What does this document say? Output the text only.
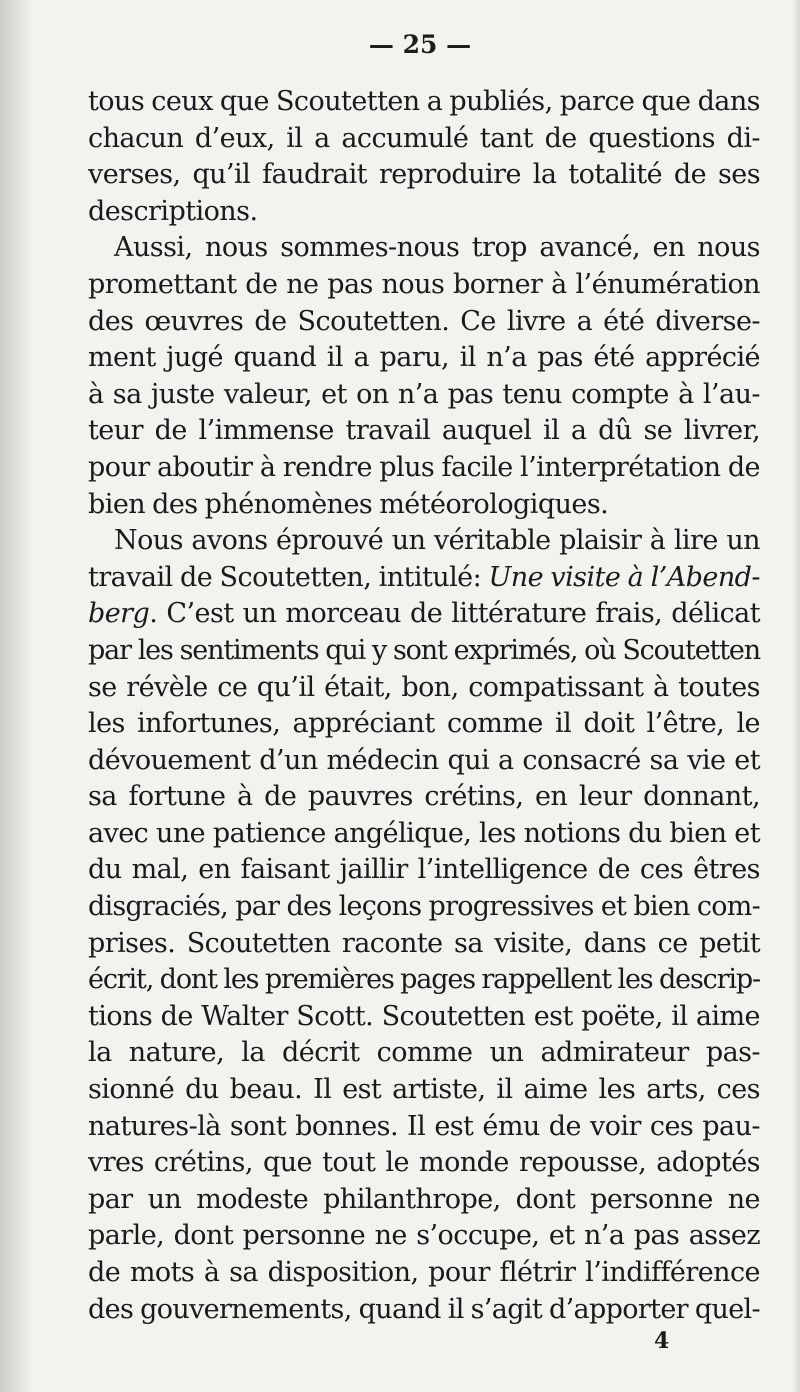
— 25 —
tous ceux que Scoutetten a publiés, parce que dans
chacun d’eux, il a accumulé tant de questions di-
verses, qu’il faudrait reproduire la totalité de ses
descriptions.
Aussi, nous sommes-nous trop avancé, en nous
promettant de ne pas nous borner à l’énumération
des œuvres de Scoutetten. Ce livre a été diverse-
ment jugé quand il a paru, il n’a pas été apprécié
à sa juste valeur, et on n’a pas tenu compte à l’au-
teur de l’immense travail auquel il a dû se livrer,
pour aboutir à rendre plus facile l’interprétation de
bien des phénomènes météorologiques.
Nous avons éprouvé un véritable plaisir à lire un
travail de Scoutetten, intitulé: Une visite à l’Abend-
berg. C’est un morceau de littérature frais, délicat
par les sentiments qui y sont exprimés, où Scoutetten
se révèle ce qu’il était, bon, compatissant à toutes
les infortunes, appréciant comme il doit l’être, le
dévouement d’un médecin qui a consacré sa vie et
sa fortune à de pauvres crétins, en leur donnant,
avec une patience angélique, les notions du bien et
du mal, en faisant jaillir l’intelligence de ces êtres
disgraciés, par des leçons progressives et bien com-
prises. Scoutetten raconte sa visite, dans ce petit
écrit, dont les premières pages rappellent les descrip-
tions de Walter Scott. Scoutetten est poëte, il aime
la nature, la décrit comme un admirateur pas-
sionné du beau. Il est artiste, il aime les arts, ces
natures-là sont bonnes. Il est ému de voir ces pau-
vres crétins, que tout le monde repousse, adoptés
par un modeste philanthrope, dont personne ne
parle, dont personne ne s’occupe, et n’a pas assez
de mots à sa disposition, pour flétrir l’indifférence
des gouvernements, quand il s’agit d’apporter quel-
4
